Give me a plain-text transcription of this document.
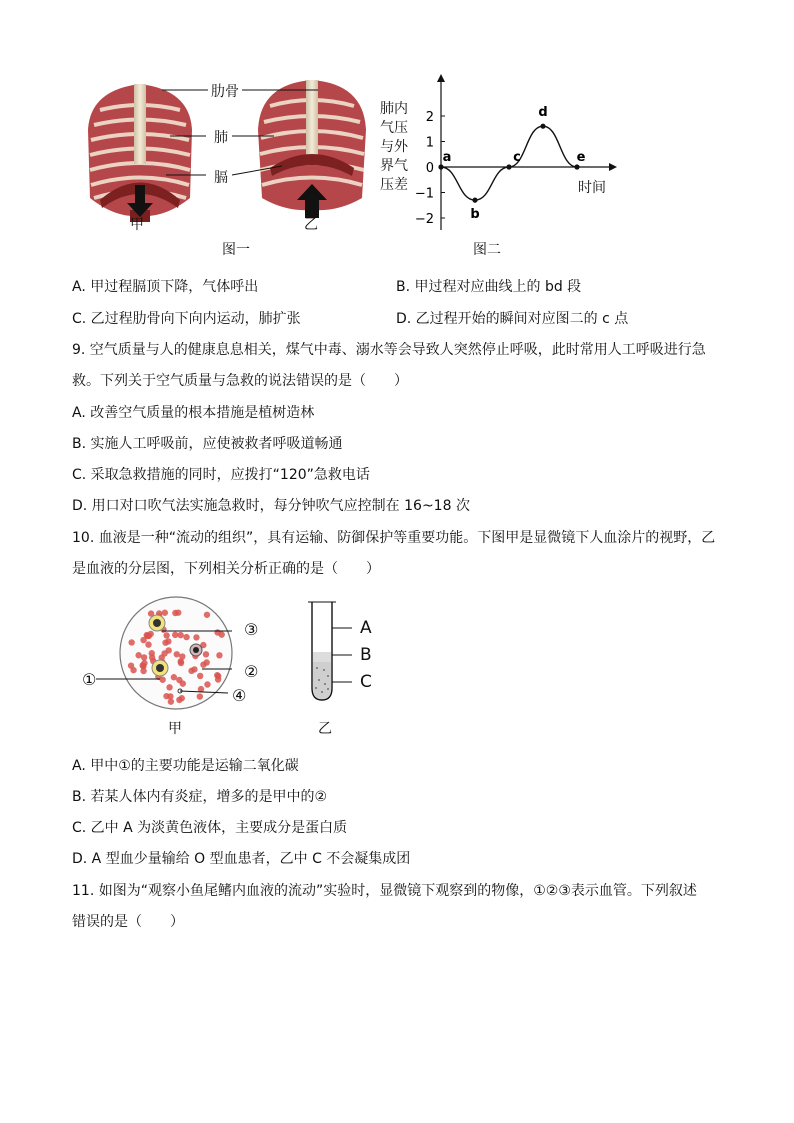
肋骨
肺
膈
甲	乙
图一
肺内
气压
与外
界气
压差
2
1
0
−1
−2
a
b
c
d
e
时间
图二
A. 甲过程膈顶下降，气体呼出	B. 甲过程对应曲线上的 bd 段
C. 乙过程肋骨向下向内运动，肺扩张	D. 乙过程开始的瞬间对应图二的 c 点
9. 空气质量与人的健康息息相关，煤气中毒、溺水等会导致人突然停止呼吸，此时常用人工呼吸进行急
救。下列关于空气质量与急救的说法错误的是（　　）
A. 改善空气质量的根本措施是植树造林
B. 实施人工呼吸前，应使被救者呼吸道畅通
C. 采取急救措施的同时，应拨打“120”急救电话
D. 用口对口吹气法实施急救时，每分钟吹气应控制在 16~18 次
10. 血液是一种“流动的组织”，具有运输、防御保护等重要功能。下图甲是显微镜下人血涂片的视野，乙
是血液的分层图，下列相关分析正确的是（　　）
③
②
①
④
甲
A
B
C
乙
A. 甲中①的主要功能是运输二氧化碳
B. 若某人体内有炎症，增多的是甲中的②
C. 乙中 A 为淡黄色液体，主要成分是蛋白质
D. A 型血少量输给 O 型血患者，乙中 C 不会凝集成团
11. 如图为“观察小鱼尾鳍内血液的流动”实验时，显微镜下观察到的物像，①②③表示血管。下列叙述
错误的是（　　）
